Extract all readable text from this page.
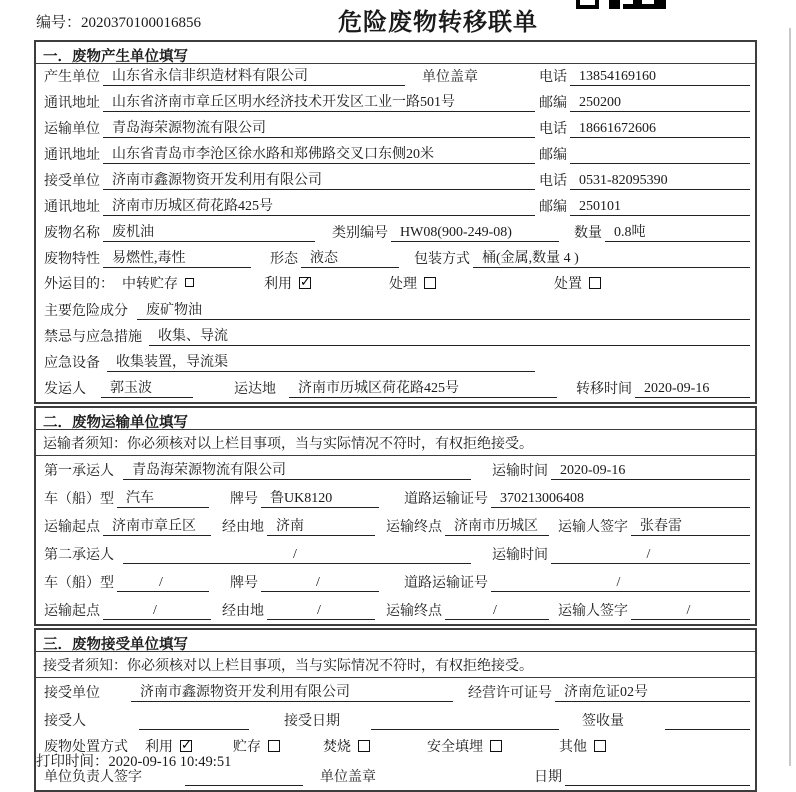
编号：2020370100016856	危险废物转移联单
一．废物产生单位填写
产生单位 山东省永信非织造材料有限公司	单位盖章	电话 13854169160
通讯地址 山东省济南市章丘区明水经济技术开发区工业一路501号	邮编 250200
运输单位 青岛海荣源物流有限公司	电话 18661672606
通讯地址 山东省青岛市李沧区徐水路和郑佛路交叉口东侧20米	邮编
接受单位 济南市鑫源物资开发利用有限公司	电话 0531-82095390
通讯地址 济南市历城区荷花路425号	邮编 250101
废物名称 废机油	类别编号 HW08(900-249-08)	数量 0.8吨
废物特性 易燃性,毒性	形态 液态	包装方式 桶(金属,数量 4 )
外运目的： 中转贮存	利用 ✓	处理	处置
主要危险成分	废矿物油
禁忌与应急措施	收集、导流
应急设备	收集装置，导流渠
发运人	郭玉波	运达地	济南市历城区荷花路425号	转移时间 2020-09-16
二．废物运输单位填写
运输者须知：你必须核对以上栏目事项，当与实际情况不符时，有权拒绝接受。
第一承运人	青岛海荣源物流有限公司	运输时间 2020-09-16
车（船）型 汽车	牌号 鲁UK8120	道路运输证号 370213006408
运输起点 济南市章丘区	经由地 济南	运输终点 济南市历城区	运输人签字 张春雷
第二承运人	/	运输时间	/
车（船）型	/	牌号	/	道路运输证号	/
运输起点	/	经由地	/	运输终点	/	运输人签字	/
三．废物接受单位填写
接受者须知：你必须核对以上栏目事项，当与实际情况不符时，有权拒绝接受。
接受单位	济南市鑫源物资开发利用有限公司	经营许可证号 济南危证02号
接受人	接受日期	签收量
废物处置方式 利用 ✓	贮存	焚烧	安全填埋	其他
单位负责人签字	单位盖章	日期
打印时间：2020-09-16 10:49:51
